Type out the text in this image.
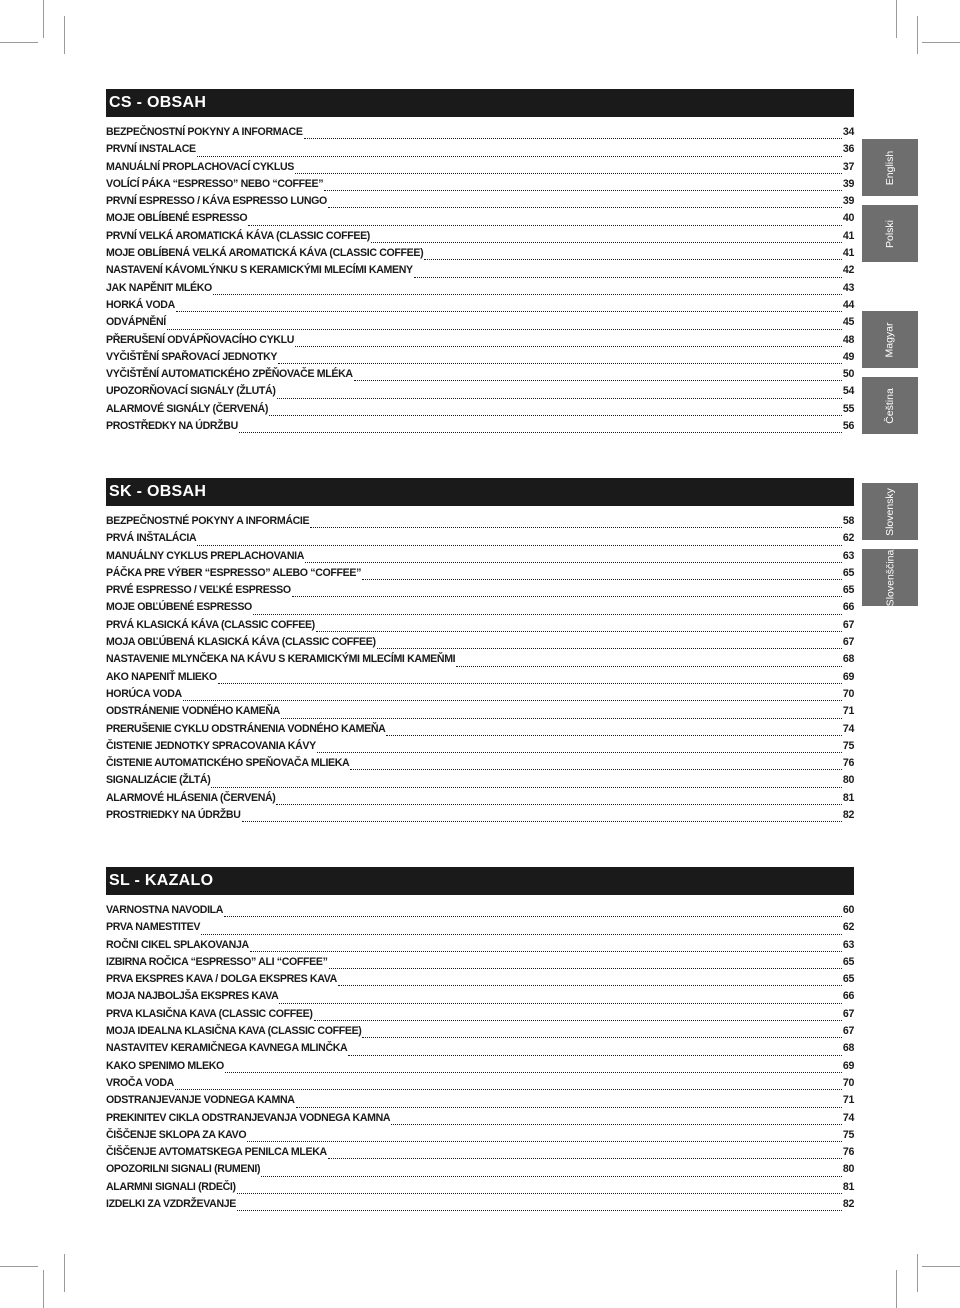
CS - OBSAH
BEZPEČNOSTNÍ POKYNY A INFORMACE	34
PRVNÍ INSTALACE	36
MANUÁLNÍ PROPLACHOVACÍ CYKLUS	37
VOLÍCÍ PÁKA “ESPRESSO” NEBO “COFFEE”	39
PRVNÍ ESPRESSO / KÁVA ESPRESSO LUNGO	39
MOJE OBLÍBENÉ ESPRESSO	40
PRVNÍ VELKÁ AROMATICKÁ KÁVA (CLASSIC COFFEE)	41
MOJE OBLÍBENÁ VELKÁ AROMATICKÁ KÁVA (CLASSIC COFFEE)	41
NASTAVENÍ KÁVOMLÝNKU S KERAMICKÝMI MLECÍMI KAMENY	42
JAK NAPĚNIT MLÉKO	43
HORKÁ VODA	44
ODVÁPNĚNÍ	45
PŘERUŠENÍ ODVÁPŇOVACÍHO CYKLU	48
VYČIŠTĚNÍ SPAŘOVACÍ JEDNOTKY	49
VYČIŠTĚNÍ AUTOMATICKÉHO ZPĚŇOVAČE MLÉKA	50
UPOZORŇOVACÍ SIGNÁLY (ŽLUTÁ)	54
ALARMOVÉ SIGNÁLY (ČERVENÁ)	55
PROSTŘEDKY NA ÚDRŽBU	56
SK - OBSAH
BEZPEČNOSTNÉ POKYNY A INFORMÁCIE	58
PRVÁ INŠTALÁCIA	62
MANUÁLNY CYKLUS PREPLACHOVANIA	63
PÁČKA PRE VÝBER “ESPRESSO” ALEBO “COFFEE”	65
PRVÉ ESPRESSO / VEĽKÉ ESPRESSO	65
MOJE OBĽÚBENÉ ESPRESSO	66
PRVÁ KLASICKÁ KÁVA (CLASSIC COFFEE)	67
MOJA OBĽÚBENÁ KLASICKÁ KÁVA (CLASSIC COFFEE)	67
NASTAVENIE MLYNČEKA NA KÁVU S KERAMICKÝMI MLECÍMI KAMEŇMI	68
AKO NAPENIŤ MLIEKO	69
HORÚCA VODA	70
ODSTRÁNENIE VODNÉHO KAMEŇA	71
PRERUŠENIE CYKLU ODSTRÁNENIA VODNÉHO KAMEŇA	74
ČISTENIE JEDNOTKY SPRACOVANIA KÁVY	75
ČISTENIE AUTOMATICKÉHO SPEŇOVAČA MLIEKA	76
SIGNALIZÁCIE (ŽLTÁ)	80
ALARMOVÉ HLÁSENIA (ČERVENÁ)	81
PROSTRIEDKY NA ÚDRŽBU	82
SL - KAZALO
VARNOSTNA NAVODILA	60
PRVA NAMESTITEV	62
ROČNI CIKEL SPLAKOVANJA	63
IZBIRNA ROČICA “ESPRESSO” ALI “COFFEE”	65
PRVA EKSPRES KAVA / DOLGA EKSPRES KAVA	65
MOJA NAJBOLJŠA EKSPRES KAVA	66
PRVA KLASIČNA KAVA (CLASSIC COFFEE)	67
MOJA IDEALNA KLASIČNA KAVA (CLASSIC COFFEE)	67
NASTAVITEV KERAMIČNEGA KAVNEGA MLINČKA	68
KAKO SPENIMO MLEKO	69
VROČA VODA	70
ODSTRANJEVANJE VODNEGA KAMNA	71
PREKINITEV CIKLA ODSTRANJEVANJA VODNEGA KAMNA	74
ČIŠČENJE SKLOPA ZA KAVO	75
ČIŠČENJE AVTOMATSKEGA PENILCA MLEKA	76
OPOZORILNI SIGNALI (RUMENI)	80
ALARMNI SIGNALI (RDEČI)	81
IZDELKI ZA VZDRŽEVANJE	82
English
Polski
Magyar
Čeština
Slovensky
Slovenščina
